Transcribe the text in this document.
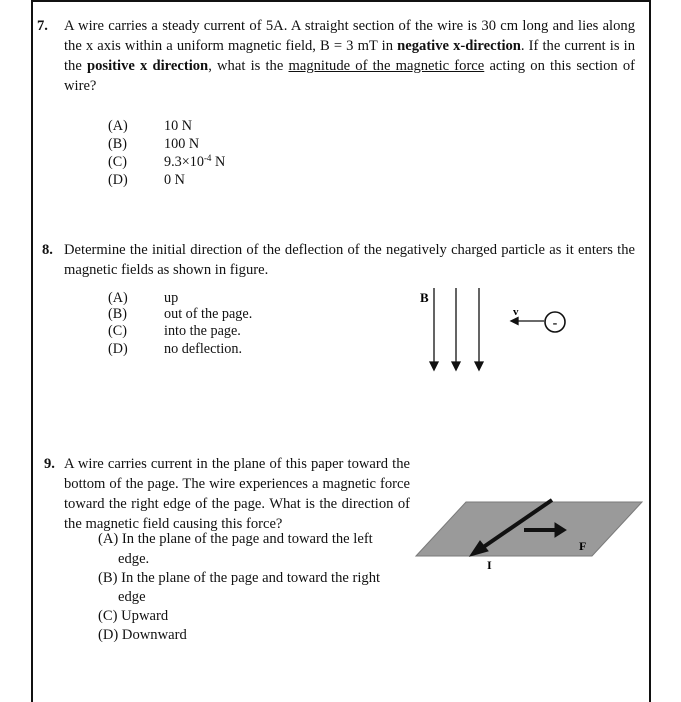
7. A wire carries a steady current of 5A. A straight section of the wire is 30 cm long and lies along the x axis within a uniform magnetic field, B = 3 mT in negative x-direction. If the current is in the positive x direction, what is the magnitude of the magnetic force acting on this section of wire?
(A)	10 N
(B)	100 N
(C)	$9.3\times 10^{-4}$ N
(D)	0 N
8. Determine the initial direction of the deflection of the negatively charged particle as it enters the magnetic fields as shown in figure.
(A)	up
(B)	out of the page.
(C)	into the page.
(D)	no deflection.
B
v
-
9. A wire carries current in the plane of this paper toward the bottom of the page. The wire experiences a magnetic force toward the right edge of the page. What is the direction of the magnetic field causing this force?
(A) In the plane of the page and toward the left
edge.
(B) In the plane of the page and toward the right
edge
(C) Upward
(D) Downward
F
I
